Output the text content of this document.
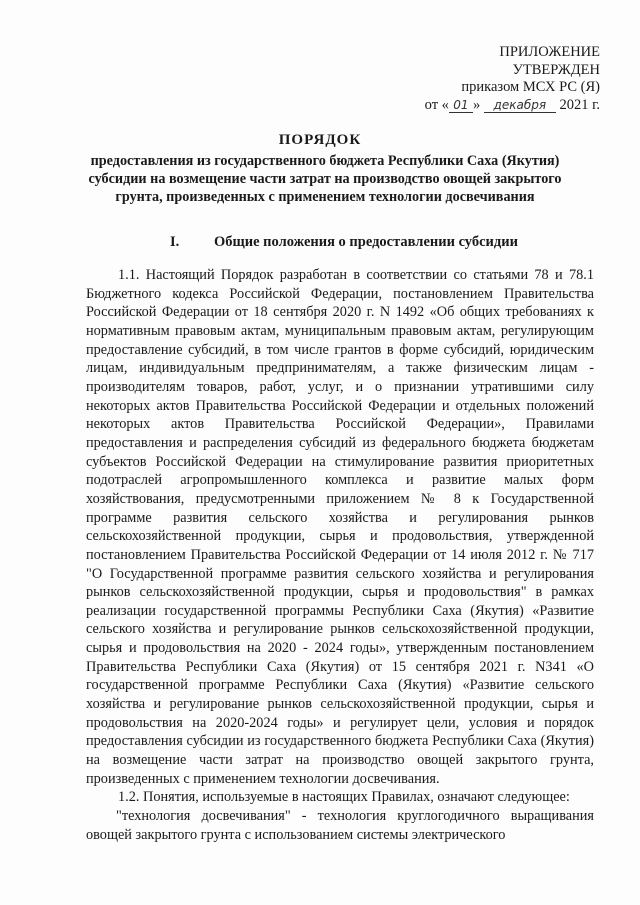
ПРИЛОЖЕНИЕ
УТВЕРЖДЕН
приказом МСХ РС (Я)
от « 01 » декабря 2021 г.
ПОРЯДОК
предоставления из государственного бюджета Республики Саха (Якутия) субсидии на возмещение части затрат на производство овощей закрытого грунта, произведенных с применением технологии досвечивания
I. Общие положения о предоставлении субсидии

1.1. Настоящий Порядок разработан в соответствии со статьями 78 и 78.1 Бюджетного кодекса Российской Федерации, постановлением Правительства Российской Федерации от 18 сентября 2020 г. N 1492 «Об общих требованиях к нормативным правовым актам, муниципальным правовым актам, регулирующим предоставление субсидий, в том числе грантов в форме субсидий, юридическим лицам, индивидуальным предпринимателям, а также физическим лицам - производителям товаров, работ, услуг, и о признании утратившими силу некоторых актов Правительства Российской Федерации и отдельных положений некоторых актов Правительства Российской Федерации», Правилами предоставления и распределения субсидий из федерального бюджета бюджетам субъектов Российской Федерации на стимулирование развития приоритетных подотраслей агропромышленного комплекса и развитие малых форм хозяйствования, предусмотренными приложением № 8 к Государственной программе развития сельского хозяйства и регулирования рынков сельскохозяйственной продукции, сырья и продовольствия, утвержденной постановлением Правительства Российской Федерации от 14 июля 2012 г. № 717 "О Государственной программе развития сельского хозяйства и регулирования рынков сельскохозяйственной продукции, сырья и продовольствия" в рамках реализации государственной программы Республики Саха (Якутия) «Развитие сельского хозяйства и регулирование рынков сельскохозяйственной продукции, сырья и продовольствия на 2020 - 2024 годы», утвержденным постановлением Правительства Республики Саха (Якутия) от 15 сентября 2021 г. N341 «О государственной программе Республики Саха (Якутия) «Развитие сельского хозяйства и регулирование рынков сельскохозяйственной продукции, сырья и продовольствия на 2020-2024 годы» и регулирует цели, условия и порядок предоставления субсидии из государственного бюджета Республики Саха (Якутия) на возмещение части затрат на производство овощей закрытого грунта, произведенных с применением технологии досвечивания.

1.2. Понятия, используемые в настоящих Правилах, означают следующее:

"технология досвечивания" - технология круглогодичного выращивания овощей закрытого грунта с использованием системы электрического
